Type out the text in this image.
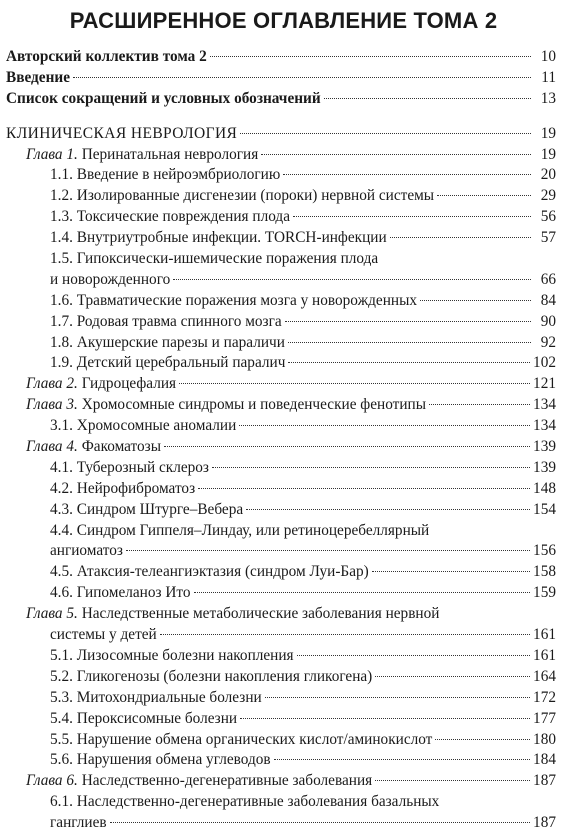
РАСШИРЕННОЕ ОГЛАВЛЕНИЕ ТОМА 2
Авторский коллектив тома 2	10
Введение	11
Список сокращений и условных обозначений	13
КЛИНИЧЕСКАЯ НЕВРОЛОГИЯ	19
Глава 1. Перинатальная неврология	19
1.1. Введение в нейроэмбриологию	20
1.2. Изолированные дисгенезии (пороки) нервной системы	29
1.3. Токсические повреждения плода	56
1.4. Внутриутробные инфекции. TORCH-инфекции	57
1.5. Гипоксически-ишемические поражения плода
и новорожденного	66
1.6. Травматические поражения мозга у новорожденных	84
1.7. Родовая травма спинного мозга	90
1.8. Акушерские парезы и параличи	92
1.9. Детский церебральный паралич	102
Глава 2. Гидроцефалия	121
Глава 3. Хромосомные синдромы и поведенческие фенотипы	134
3.1. Хромосомные аномалии	134
Глава 4. Факоматозы	139
4.1. Туберозный склероз	139
4.2. Нейрофиброматоз	148
4.3. Синдром Штурге–Вебера	154
4.4. Синдром Гиппеля–Линдау, или ретиноцеребеллярный
ангиоматоз	156
4.5. Атаксия-телеангиэктазия (синдром Луи-Бар)	158
4.6. Гипомеланоз Ито	159
Глава 5. Наследственные метаболические заболевания нервной
системы у детей	161
5.1. Лизосомные болезни накопления	161
5.2. Гликогенозы (болезни накопления гликогена)	164
5.3. Митохондриальные болезни	172
5.4. Пероксисомные болезни	177
5.5. Нарушение обмена органических кислот/аминокислот	180
5.6. Нарушения обмена углеводов	184
Глава 6. Наследственно-дегенеративные заболевания	187
6.1. Наследственно-дегенеративные заболевания базальных
ганглиев	187
